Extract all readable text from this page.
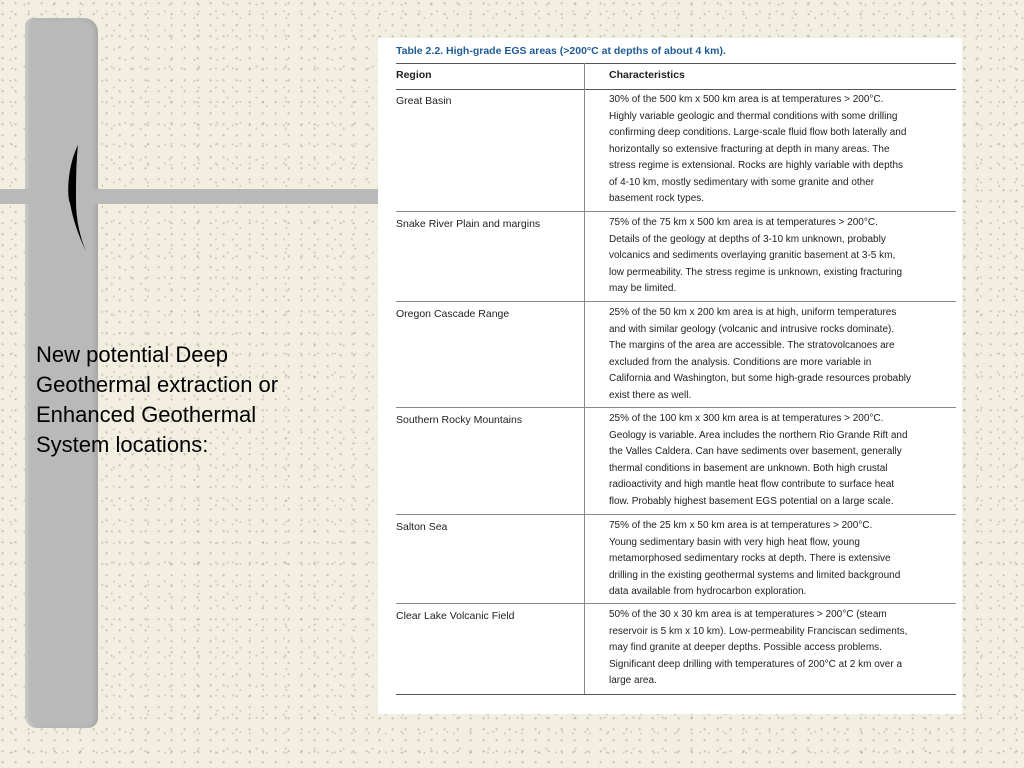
New potential Deep
Geothermal extraction or
Enhanced Geothermal
System locations:
Table 2.2. High-grade EGS areas (>200°C at depths of about 4 km).
Region	Characteristics
Great Basin	30% of the 500 km x 500 km area is at temperatures > 200°C.
Highly variable geologic and thermal conditions with some drilling
confirming deep conditions. Large-scale fluid flow both laterally and
horizontally so extensive fracturing at depth in many areas. The
stress regime is extensional. Rocks are highly variable with depths
of 4-10 km, mostly sedimentary with some granite and other
basement rock types.
Snake River Plain and margins	75% of the 75 km x 500 km area is at temperatures > 200°C.
Details of the geology at depths of 3-10 km unknown, probably
volcanics and sediments overlaying granitic basement at 3-5 km,
low permeability. The stress regime is unknown, existing fracturing
may be limited.
Oregon Cascade Range	25% of the 50 km x 200 km area is at high, uniform temperatures
and with similar geology (volcanic and intrusive rocks dominate).
The margins of the area are accessible. The stratovolcanoes are
excluded from the analysis. Conditions are more variable in
California and Washington, but some high-grade resources probably
exist there as well.
Southern Rocky Mountains	25% of the 100 km x 300 km area is at temperatures > 200°C.
Geology is variable. Area includes the northern Rio Grande Rift and
the Valles Caldera. Can have sediments over basement, generally
thermal conditions in basement are unknown. Both high crustal
radioactivity and high mantle heat flow contribute to surface heat
flow. Probably highest basement EGS potential on a large scale.
Salton Sea	75% of the 25 km x 50 km area is at temperatures > 200°C.
Young sedimentary basin with very high heat flow, young
metamorphosed sedimentary rocks at depth. There is extensive
drilling in the existing geothermal systems and limited background
data available from hydrocarbon exploration.
Clear Lake Volcanic Field	50% of the 30 x 30 km area is at temperatures > 200°C (steam
reservoir is 5 km x 10 km). Low-permeability Franciscan sediments,
may find granite at deeper depths. Possible access problems.
Significant deep drilling with temperatures of 200°C at 2 km over a
large area.
